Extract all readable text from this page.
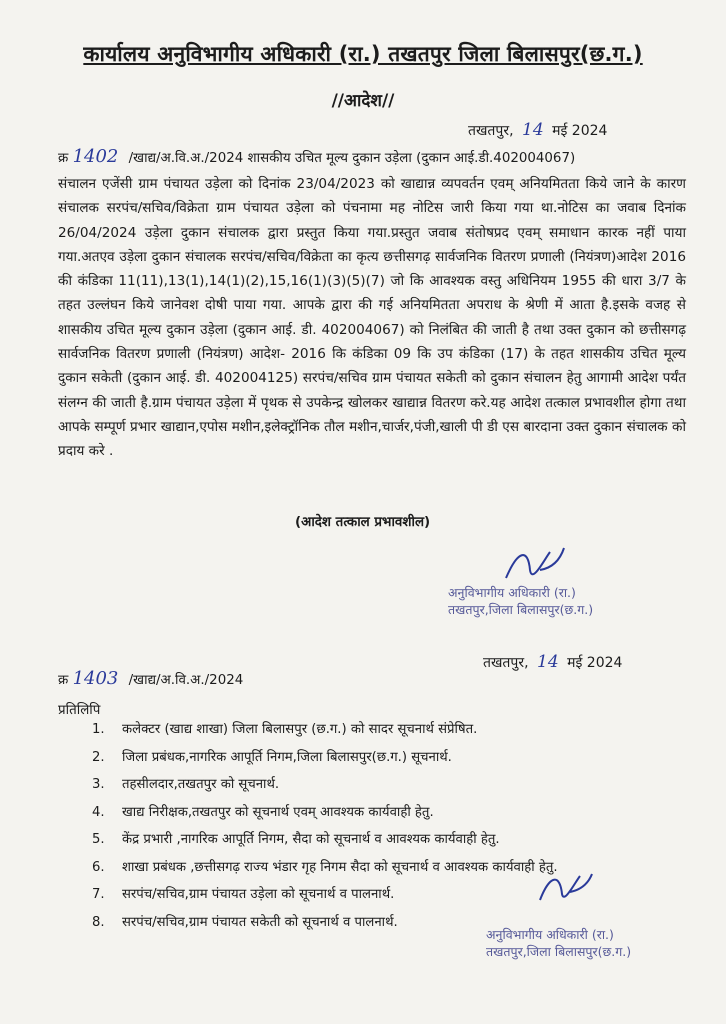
कार्यालय अनुविभागीय अधिकारी (रा.) तखतपुर जिला बिलासपुर(छ.ग.)
//आदेश//
तखतपुर, 14 मई 2024
क्र 1402 /खाद्य/अ.वि.अ./2024 शासकीय उचित मूल्य दुकान उड़ेला (दुकान आई.डी.402004067)
संचालन एजेंसी ग्राम पंचायत उड़ेला को दिनांक 23/04/2023 को खाद्यान्न व्यपवर्तन एवम् अनियमितता किये जाने के कारण संचालक सरपंच/सचिव/विक्रेता ग्राम पंचायत उड़ेला को पंचनामा मह नोटिस जारी किया गया था.नोटिस का जवाब दिनांक 26/04/2024 उड़ेला दुकान संचालक द्वारा प्रस्तुत किया गया.प्रस्तुत जवाब संतोषप्रद एवम् समाधान कारक नहीं पाया गया.अतएव उड़ेला दुकान संचालक सरपंच/सचिव/विक्रेता का कृत्य छत्तीसगढ़ सार्वजनिक वितरण प्रणाली (नियंत्रण)आदेश 2016 की कंडिका 11(11),13(1),14(1)(2),15,16(1)(3)(5)(7) जो कि आवश्यक वस्तु अधिनियम 1955 की धारा 3/7 के तहत उल्लंघन किये जानेवश दोषी पाया गया. आपके द्वारा की गई अनियमितता अपराध के श्रेणी में आता है.इसके वजह से शासकीय उचित मूल्य दुकान उड़ेला (दुकान आई. डी. 402004067) को निलंबित की जाती है तथा उक्त दुकान को छत्तीसगढ़ सार्वजनिक वितरण प्रणाली (नियंत्रण) आदेश- 2016 कि कंडिका 09 कि उप कंडिका (17) के तहत शासकीय उचित मूल्य दुकान सकेती (दुकान आई. डी. 402004125) सरपंच/सचिव ग्राम पंचायत सकेती को दुकान संचालन हेतु आगामी आदेश पर्यंत संलग्न की जाती है.ग्राम पंचायत उड़ेला में पृथक से उपकेन्द्र खोलकर खाद्यान्न वितरण करे.यह आदेश तत्काल प्रभावशील होगा तथा आपके सम्पूर्ण प्रभार खाद्यान,एपोस मशीन,इलेक्ट्रॉनिक तौल मशीन,चार्जर,पंजी,खाली पी डी एस बारदाना उक्त दुकान संचालक को प्रदाय करे .
(आदेश तत्काल प्रभावशील)
अनुविभागीय अधिकारी (रा.)
तखतपुर,जिला बिलासपुर(छ.ग.)
तखतपुर, 14 मई 2024
क्र 1403 /खाद्य/अ.वि.अ./2024
प्रतिलिपि
1. कलेक्टर (खाद्य शाखा) जिला बिलासपुर (छ.ग.) को सादर सूचनार्थ संप्रेषित.
2. जिला प्रबंधक,नागरिक आपूर्ति निगम,जिला बिलासपुर(छ.ग.) सूचनार्थ.
3. तहसीलदार,तखतपुर को सूचनार्थ.
4. खाद्य निरीक्षक,तखतपुर को सूचनार्थ एवम् आवश्यक कार्यवाही हेतु.
5. केंद्र प्रभारी ,नागरिक आपूर्ति निगम, सैदा को सूचनार्थ व आवश्यक कार्यवाही हेतु.
6. शाखा प्रबंधक ,छत्तीसगढ़ राज्य भंडार गृह निगम सैदा को सूचनार्थ व आवश्यक कार्यवाही हेतु.
7. सरपंच/सचिव,ग्राम पंचायत उड़ेला को सूचनार्थ व पालनार्थ.
8. सरपंच/सचिव,ग्राम पंचायत सकेती को सूचनार्थ व पालनार्थ.
अनुविभागीय अधिकारी (रा.)
तखतपुर,जिला बिलासपुर(छ.ग.)
